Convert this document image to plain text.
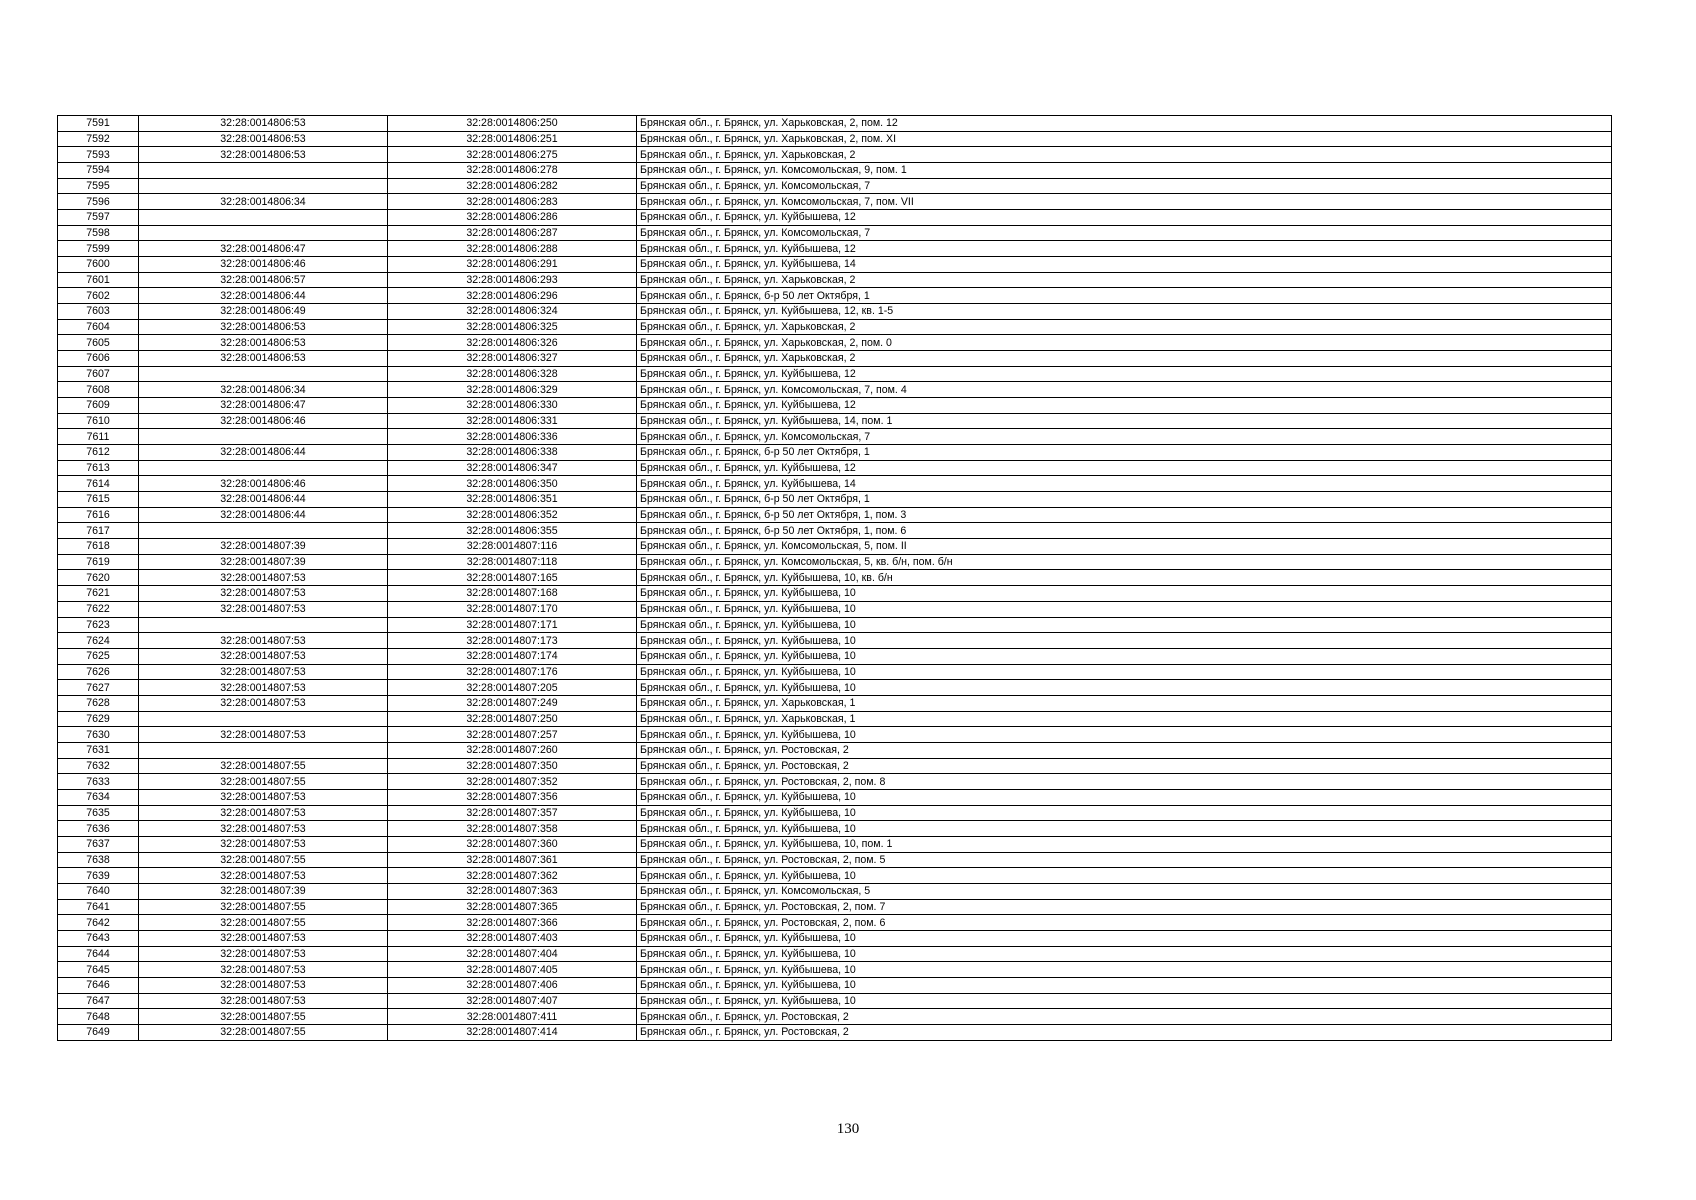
7591	32:28:0014806:53	32:28:0014806:250	Брянская обл., г. Брянск, ул. Харьковская, 2, пом. 12
7592	32:28:0014806:53	32:28:0014806:251	Брянская обл., г. Брянск, ул. Харьковская, 2, пом. XI
7593	32:28:0014806:53	32:28:0014806:275	Брянская обл., г. Брянск, ул. Харьковская, 2
7594		32:28:0014806:278	Брянская обл., г. Брянск, ул. Комсомольская, 9, пом. 1
7595		32:28:0014806:282	Брянская обл., г. Брянск, ул. Комсомольская, 7
7596	32:28:0014806:34	32:28:0014806:283	Брянская обл., г. Брянск, ул. Комсомольская, 7, пом. VII
7597		32:28:0014806:286	Брянская обл., г. Брянск, ул. Куйбышева, 12
7598		32:28:0014806:287	Брянская обл., г. Брянск, ул. Комсомольская, 7
7599	32:28:0014806:47	32:28:0014806:288	Брянская обл., г. Брянск, ул. Куйбышева, 12
7600	32:28:0014806:46	32:28:0014806:291	Брянская обл., г. Брянск, ул. Куйбышева, 14
7601	32:28:0014806:57	32:28:0014806:293	Брянская обл., г. Брянск, ул. Харьковская, 2
7602	32:28:0014806:44	32:28:0014806:296	Брянская обл., г. Брянск, б-р 50 лет Октября, 1
7603	32:28:0014806:49	32:28:0014806:324	Брянская обл., г. Брянск, ул. Куйбышева, 12, кв. 1-5
7604	32:28:0014806:53	32:28:0014806:325	Брянская обл., г. Брянск, ул. Харьковская, 2
7605	32:28:0014806:53	32:28:0014806:326	Брянская обл., г. Брянск, ул. Харьковская, 2, пом. 0
7606	32:28:0014806:53	32:28:0014806:327	Брянская обл., г. Брянск, ул. Харьковская, 2
7607		32:28:0014806:328	Брянская обл., г. Брянск, ул. Куйбышева, 12
7608	32:28:0014806:34	32:28:0014806:329	Брянская обл., г. Брянск, ул. Комсомольская, 7, пом. 4
7609	32:28:0014806:47	32:28:0014806:330	Брянская обл., г. Брянск, ул. Куйбышева, 12
7610	32:28:0014806:46	32:28:0014806:331	Брянская обл., г. Брянск, ул. Куйбышева, 14, пом. 1
7611		32:28:0014806:336	Брянская обл., г. Брянск, ул. Комсомольская, 7
7612	32:28:0014806:44	32:28:0014806:338	Брянская обл., г. Брянск, б-р 50 лет Октября, 1
7613		32:28:0014806:347	Брянская обл., г. Брянск, ул. Куйбышева, 12
7614	32:28:0014806:46	32:28:0014806:350	Брянская обл., г. Брянск, ул. Куйбышева, 14
7615	32:28:0014806:44	32:28:0014806:351	Брянская обл., г. Брянск, б-р 50 лет Октября, 1
7616	32:28:0014806:44	32:28:0014806:352	Брянская обл., г. Брянск, б-р 50 лет Октября, 1, пом. 3
7617		32:28:0014806:355	Брянская обл., г. Брянск, б-р 50 лет Октября, 1, пом. 6
7618	32:28:0014807:39	32:28:0014807:116	Брянская обл., г. Брянск, ул. Комсомольская, 5, пом. II
7619	32:28:0014807:39	32:28:0014807:118	Брянская обл., г. Брянск, ул. Комсомольская, 5, кв. б/н, пом. б/н
7620	32:28:0014807:53	32:28:0014807:165	Брянская обл., г. Брянск, ул. Куйбышева, 10, кв. б/н
7621	32:28:0014807:53	32:28:0014807:168	Брянская обл., г. Брянск, ул. Куйбышева, 10
7622	32:28:0014807:53	32:28:0014807:170	Брянская обл., г. Брянск, ул. Куйбышева, 10
7623		32:28:0014807:171	Брянская обл., г. Брянск, ул. Куйбышева, 10
7624	32:28:0014807:53	32:28:0014807:173	Брянская обл., г. Брянск, ул. Куйбышева, 10
7625	32:28:0014807:53	32:28:0014807:174	Брянская обл., г. Брянск, ул. Куйбышева, 10
7626	32:28:0014807:53	32:28:0014807:176	Брянская обл., г. Брянск, ул. Куйбышева, 10
7627	32:28:0014807:53	32:28:0014807:205	Брянская обл., г. Брянск, ул. Куйбышева, 10
7628	32:28:0014807:53	32:28:0014807:249	Брянская обл., г. Брянск, ул. Харьковская, 1
7629		32:28:0014807:250	Брянская обл., г. Брянск, ул. Харьковская, 1
7630	32:28:0014807:53	32:28:0014807:257	Брянская обл., г. Брянск, ул. Куйбышева, 10
7631		32:28:0014807:260	Брянская обл., г. Брянск, ул. Ростовская, 2
7632	32:28:0014807:55	32:28:0014807:350	Брянская обл., г. Брянск, ул. Ростовская, 2
7633	32:28:0014807:55	32:28:0014807:352	Брянская обл., г. Брянск, ул. Ростовская, 2, пом. 8
7634	32:28:0014807:53	32:28:0014807:356	Брянская обл., г. Брянск, ул. Куйбышева, 10
7635	32:28:0014807:53	32:28:0014807:357	Брянская обл., г. Брянск, ул. Куйбышева, 10
7636	32:28:0014807:53	32:28:0014807:358	Брянская обл., г. Брянск, ул. Куйбышева, 10
7637	32:28:0014807:53	32:28:0014807:360	Брянская обл., г. Брянск, ул. Куйбышева, 10, пом. 1
7638	32:28:0014807:55	32:28:0014807:361	Брянская обл., г. Брянск, ул. Ростовская, 2, пом. 5
7639	32:28:0014807:53	32:28:0014807:362	Брянская обл., г. Брянск, ул. Куйбышева, 10
7640	32:28:0014807:39	32:28:0014807:363	Брянская обл., г. Брянск, ул. Комсомольская, 5
7641	32:28:0014807:55	32:28:0014807:365	Брянская обл., г. Брянск, ул. Ростовская, 2, пом. 7
7642	32:28:0014807:55	32:28:0014807:366	Брянская обл., г. Брянск, ул. Ростовская, 2, пом. 6
7643	32:28:0014807:53	32:28:0014807:403	Брянская обл., г. Брянск, ул. Куйбышева, 10
7644	32:28:0014807:53	32:28:0014807:404	Брянская обл., г. Брянск, ул. Куйбышева, 10
7645	32:28:0014807:53	32:28:0014807:405	Брянская обл., г. Брянск, ул. Куйбышева, 10
7646	32:28:0014807:53	32:28:0014807:406	Брянская обл., г. Брянск, ул. Куйбышева, 10
7647	32:28:0014807:53	32:28:0014807:407	Брянская обл., г. Брянск, ул. Куйбышева, 10
7648	32:28:0014807:55	32:28:0014807:411	Брянская обл., г. Брянск, ул. Ростовская, 2
7649	32:28:0014807:55	32:28:0014807:414	Брянская обл., г. Брянск, ул. Ростовская, 2
130
